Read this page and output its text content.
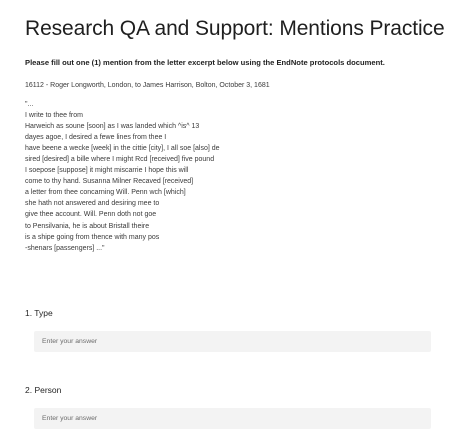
Research QA and Support: Mentions Practice
Please fill out one (1) mention from the letter excerpt below using the EndNote protocols document.
16112 - Roger Longworth, London, to James Harrison, Bolton, October 3, 1681
"...
I write to thee from
Harweich as soune [soon] as I was landed which ^is^ 13
dayes agoe, I desired a fewe lines from thee I
have beene a wecke [week] in the cittie [city], I all soe [also] de
sired [desired] a bille where I might Rcd [received] five pound
I soepose [suppose] it might miscarrie I hope this will
come to thy hand. Susanna Milner Recaved [received]
a letter from thee concarning Will. Penn wch [which]
she hath not answered and desiring mee to
give thee account. Will. Penn doth not goe
to Pensilvania, he is about Bristall theire
is a shipe going from thence with many pos
-shenars [passengers] ..."
1. Type
Enter your answer
2. Person
Enter your answer
